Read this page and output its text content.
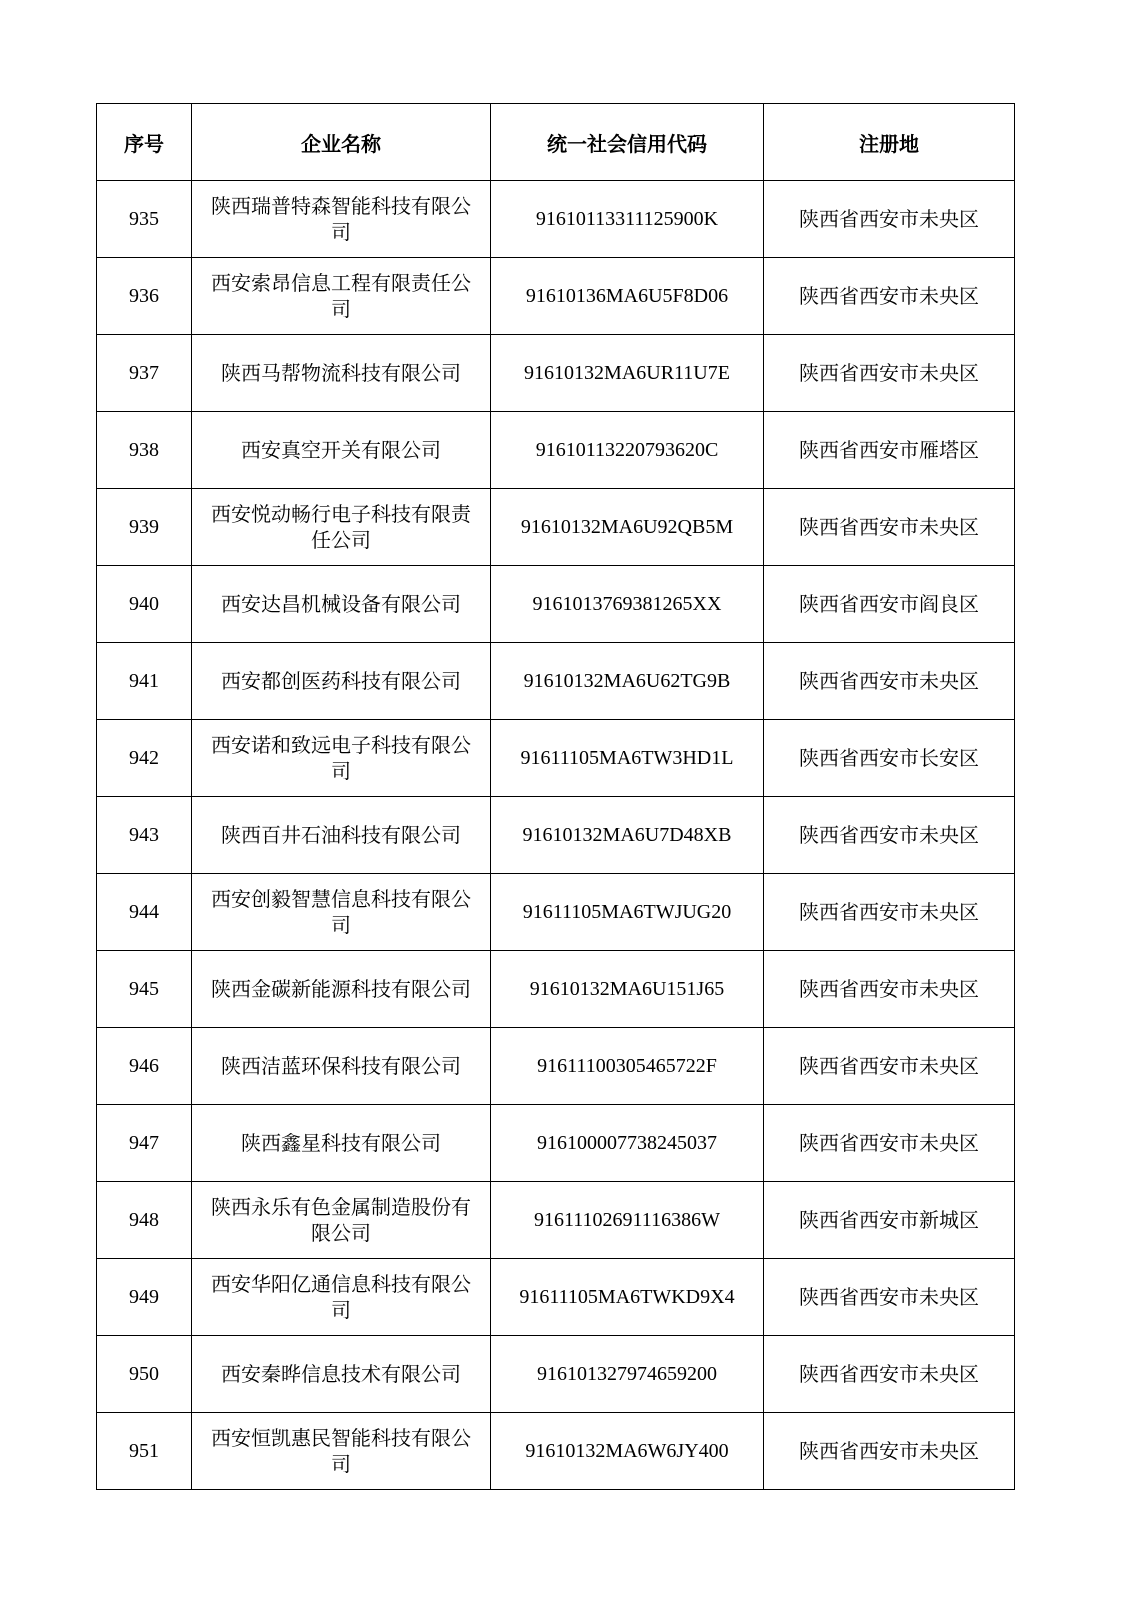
序号	企业名称	统一社会信用代码	注册地
935	陕西瑞普特森智能科技有限公司	91610113311125900K	陕西省西安市未央区
936	西安索昂信息工程有限责任公司	91610136MA6U5F8D06	陕西省西安市未央区
937	陕西马帮物流科技有限公司	91610132MA6UR11U7E	陕西省西安市未央区
938	西安真空开关有限公司	91610113220793620C	陕西省西安市雁塔区
939	西安悦动畅行电子科技有限责任公司	91610132MA6U92QB5M	陕西省西安市未央区
940	西安达昌机械设备有限公司	9161013769381265XX	陕西省西安市阎良区
941	西安都创医药科技有限公司	91610132MA6U62TG9B	陕西省西安市未央区
942	西安诺和致远电子科技有限公司	91611105MA6TW3HD1L	陕西省西安市长安区
943	陕西百井石油科技有限公司	91610132MA6U7D48XB	陕西省西安市未央区
944	西安创毅智慧信息科技有限公司	91611105MA6TWJUG20	陕西省西安市未央区
945	陕西金碳新能源科技有限公司	91610132MA6U151J65	陕西省西安市未央区
946	陕西洁蓝环保科技有限公司	91611100305465722F	陕西省西安市未央区
947	陕西鑫星科技有限公司	916100007738245037	陕西省西安市未央区
948	陕西永乐有色金属制造股份有限公司	91611102691116386W	陕西省西安市新城区
949	西安华阳亿通信息科技有限公司	91611105MA6TWKD9X4	陕西省西安市未央区
950	西安秦晔信息技术有限公司	916101327974659200	陕西省西安市未央区
951	西安恒凯惠民智能科技有限公司	91610132MA6W6JY400	陕西省西安市未央区
